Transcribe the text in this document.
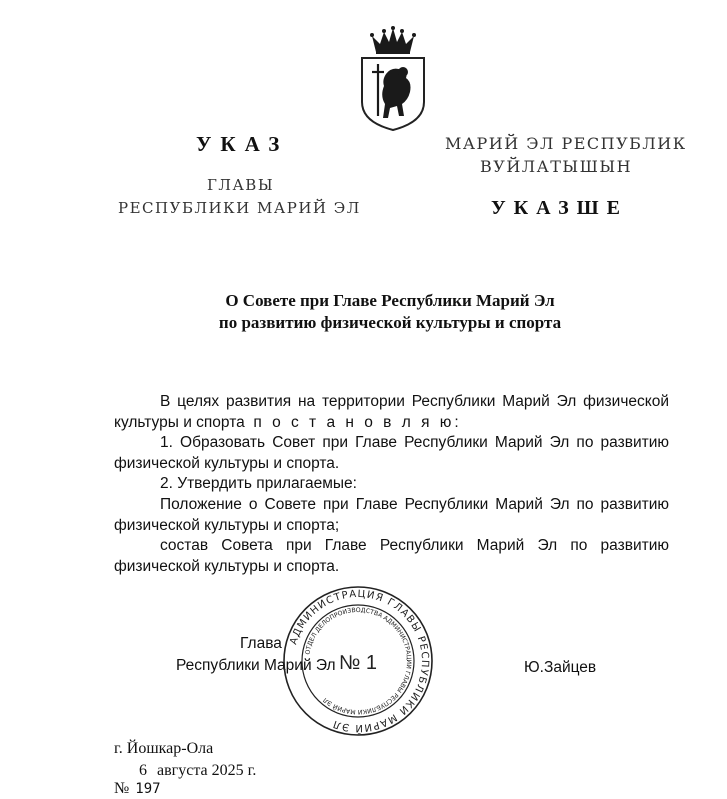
УКАЗ
ГЛАВЫ
РЕСПУБЛИКИ МАРИЙ ЭЛ
МАРИЙ ЭЛ РЕСПУБЛИК
ВУЙЛАТЫШЫН
УКАЗШЕ
О Совете при Главе Республики Марий Эл
по развитию физической культуры и спорта
В целях развития на территории Республики Марий Эл физической
культуры и спорта п о с т а н о в л я ю:
1. Образовать Совет при Главе Республики Марий Эл по развитию
физической культуры и спорта.
2. Утвердить прилагаемые:
Положение о Совете при Главе Республики Марий Эл по развитию
физической культуры и спорта;
состав Совета при Главе Республики Марий Эл по развитию
физической культуры и спорта.
Глава
Республики Марий Эл	Ю.Зайцев
АДМИНИСТРАЦИЯ ГЛАВЫ РЕСПУБЛИКИ МАРИЙ ЭЛ
ОТДЕЛ ДЕЛОПРОИЗВОДСТВА АДМИНИСТРАЦИИ ГЛАВЫ РЕСПУБЛИКИ МАРИЙ ЭЛ
№ 1
г. Йошкар-Ола
6 августа 2025 г.
№ 197
